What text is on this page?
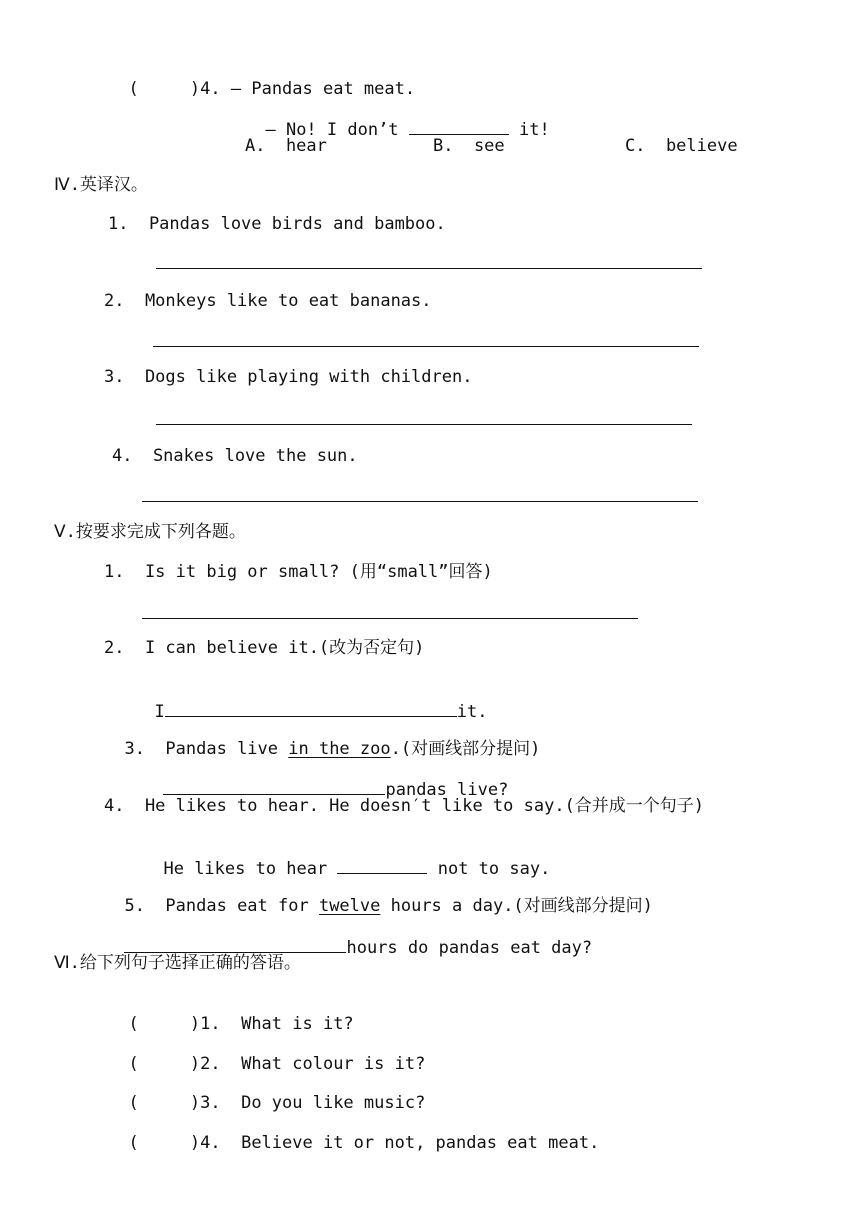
(     )4. — Pandas eat meat.

— No! I don’t	it!

A.  hear	B.  see	C.  believe
Ⅳ.英译汉。
1.  Pandas love birds and bamboo.
2.  Monkeys like to eat bananas.
3.  Dogs like playing with children.
4.  Snakes love the sun.
Ⅴ.按要求完成下列各题。
1.  Is it big or small? (用“small”回答)
2.  I can believe it.(改为否定句)

I	it.

3.  Pandas live in the zoo.(对画线部分提问)

pandas live?

4.  He likes to hear. He doesn′t like to say.(合并成一个句子)

He likes to hear	not to say.

5.  Pandas eat for twelve hours a day.(对画线部分提问)

hours do pandas eat day?

Ⅵ.给下列句子选择正确的答语。

(     )1.  What is it?

(     )2.  What colour is it?

(     )3.  Do you like music?

(     )4.  Believe it or not, pandas eat meat.
